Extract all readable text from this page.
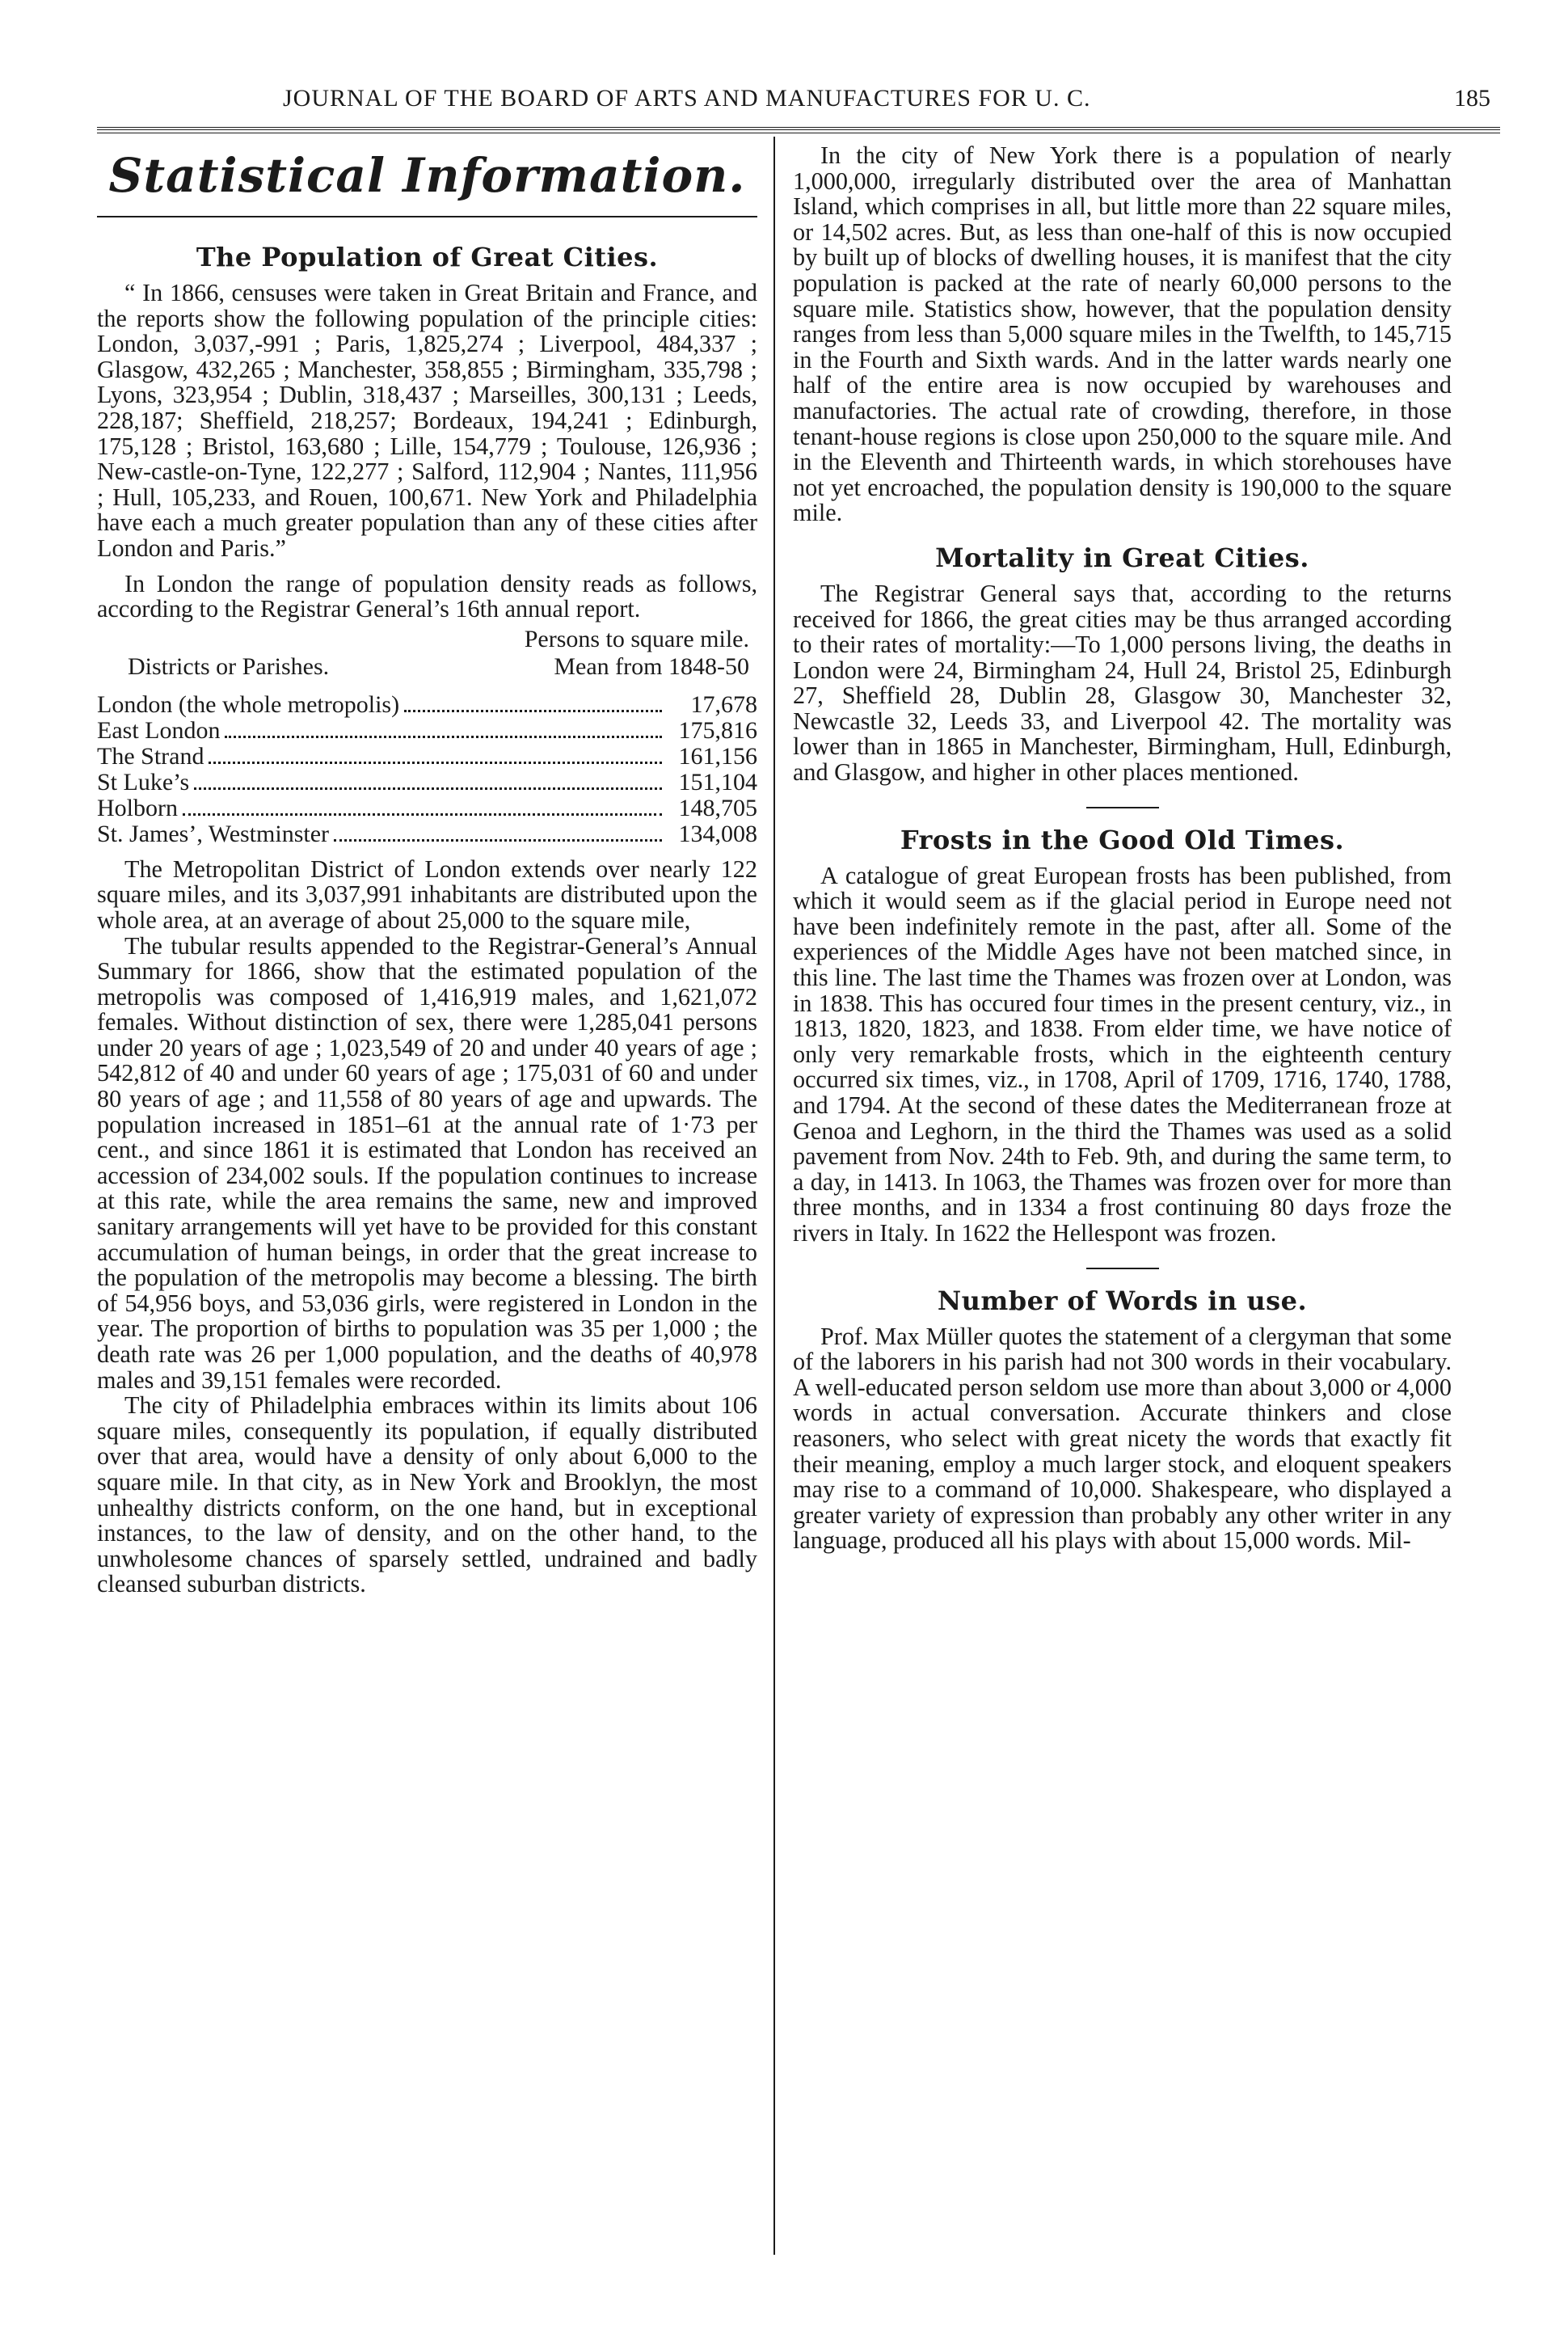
JOURNAL OF THE BOARD OF ARTS AND MANUFACTURES FOR U. C.	185
Statistical Information.
The Population of Great Cities.

“ In 1866, censuses were taken in Great Britain and France, and the reports show the following population of the principle cities: London, 3,037,-991 ; Paris, 1,825,274 ; Liverpool, 484,337 ; Glasgow, 432,265 ; Manchester, 358,855 ; Birmingham, 335,798 ; Lyons, 323,954 ; Dublin, 318,437 ; Marseilles, 300,131 ; Leeds, 228,187; Sheffield, 218,257; Bordeaux, 194,241 ; Edinburgh, 175,128 ; Bristol, 163,680 ; Lille, 154,779 ; Toulouse, 126,936 ; New-castle-on-Tyne, 122,277 ; Salford, 112,904 ; Nantes, 111,956 ; Hull, 105,233, and Rouen, 100,671. New York and Philadelphia have each a much greater population than any of these cities after London and Paris.”

In London the range of population density reads as follows, according to the Registrar General’s 16th annual report.

Persons to square mile.
Districts or Parishes.	Mean from 1848-50
London (the whole metropolis)	17,678
East London	175,816
The Strand	161,156
St Luke’s	151,104
Holborn	148,705
St. James’, Westminster	134,008

The Metropolitan District of London extends over nearly 122 square miles, and its 3,037,991 inhabitants are distributed upon the whole area, at an average of about 25,000 to the square mile,

The tubular results appended to the Registrar-General’s Annual Summary for 1866, show that the estimated population of the metropolis was composed of 1,416,919 males, and 1,621,072 females. Without distinction of sex, there were 1,285,041 persons under 20 years of age ; 1,023,549 of 20 and under 40 years of age ; 542,812 of 40 and under 60 years of age ; 175,031 of 60 and under 80 years of age ; and 11,558 of 80 years of age and upwards. The population increased in 1851–61 at the annual rate of 1·73 per cent., and since 1861 it is estimated that London has received an accession of 234,002 souls. If the population continues to increase at this rate, while the area remains the same, new and improved sanitary arrangements will yet have to be provided for this constant accumulation of human beings, in order that the great increase to the population of the metropolis may become a blessing. The birth of 54,956 boys, and 53,036 girls, were registered in London in the year. The proportion of births to population was 35 per 1,000 ; the death rate was 26 per 1,000 population, and the deaths of 40,978 males and 39,151 females were recorded.

The city of Philadelphia embraces within its limits about 106 square miles, consequently its population, if equally distributed over that area, would have a density of only about 6,000 to the square mile. In that city, as in New York and Brooklyn, the most unhealthy districts conform, on the one hand, but in exceptional instances, to the law of density, and on the other hand, to the unwholesome chances of sparsely settled, undrained and badly cleansed suburban districts.

In the city of New York there is a population of nearly 1,000,000, irregularly distributed over the area of Manhattan Island, which comprises in all, but little more than 22 square miles, or 14,502 acres. But, as less than one-half of this is now occupied by built up of blocks of dwelling houses, it is manifest that the city population is packed at the rate of nearly 60,000 persons to the square mile. Statistics show, however, that the population density ranges from less than 5,000 square miles in the Twelfth, to 145,715 in the Fourth and Sixth wards. And in the latter wards nearly one half of the entire area is now occupied by warehouses and manufactories. The actual rate of crowding, therefore, in those tenant-house regions is close upon 250,000 to the square mile. And in the Eleventh and Thirteenth wards, in which storehouses have not yet encroached, the population density is 190,000 to the square mile.

Mortality in Great Cities.

The Registrar General says that, according to the returns received for 1866, the great cities may be thus arranged according to their rates of mortality:—To 1,000 persons living, the deaths in London were 24, Birmingham 24, Hull 24, Bristol 25, Edinburgh 27, Sheffield 28, Dublin 28, Glasgow 30, Manchester 32, Newcastle 32, Leeds 33, and Liverpool 42. The mortality was lower than in 1865 in Manchester, Birmingham, Hull, Edinburgh, and Glasgow, and higher in other places mentioned.

Frosts in the Good Old Times.

A catalogue of great European frosts has been published, from which it would seem as if the glacial period in Europe need not have been indefinitely remote in the past, after all. Some of the experiences of the Middle Ages have not been matched since, in this line. The last time the Thames was frozen over at London, was in 1838. This has occured four times in the present century, viz., in 1813, 1820, 1823, and 1838. From elder time, we have notice of only very remarkable frosts, which in the eighteenth century occurred six times, viz., in 1708, April of 1709, 1716, 1740, 1788, and 1794. At the second of these dates the Mediterranean froze at Genoa and Leghorn, in the third the Thames was used as a solid pavement from Nov. 24th to Feb. 9th, and during the same term, to a day, in 1413. In 1063, the Thames was frozen over for more than three months, and in 1334 a frost continuing 80 days froze the rivers in Italy. In 1622 the Hellespont was frozen.

Number of Words in use.

Prof. Max Müller quotes the statement of a clergyman that some of the laborers in his parish had not 300 words in their vocabulary. A well-educated person seldom use more than about 3,000 or 4,000 words in actual conversation. Accurate thinkers and close reasoners, who select with great nicety the words that exactly fit their meaning, employ a much larger stock, and eloquent speakers may rise to a command of 10,000. Shakespeare, who displayed a greater variety of expression than probably any other writer in any language, produced all his plays with about 15,000 words. Mil-
